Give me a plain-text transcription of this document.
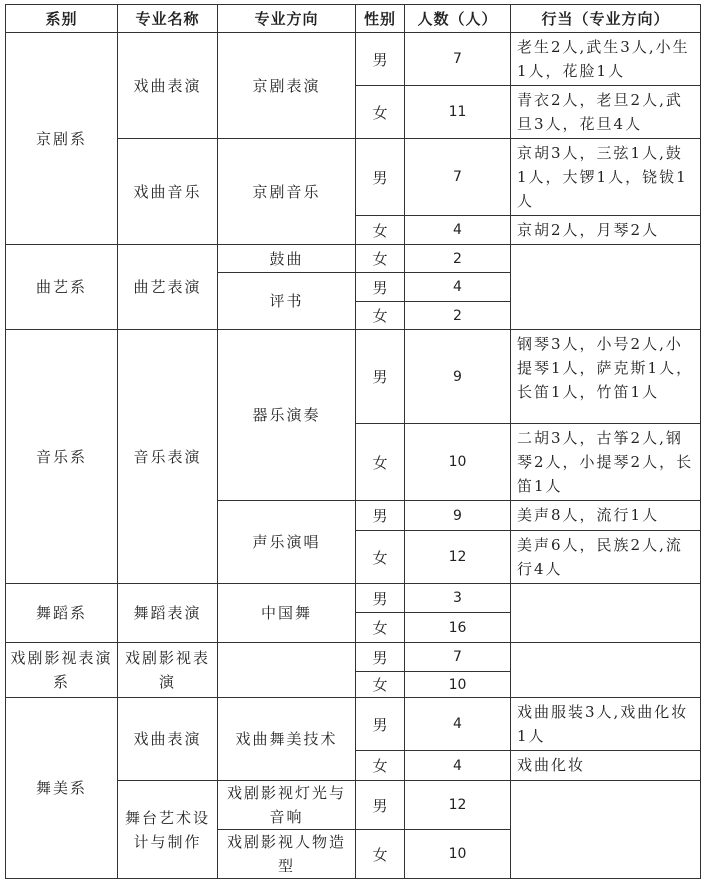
系别	专业名称	专业方向	性别	人数（人）	行当（专业方向）
京剧系	戏曲表演	京剧表演	男	7	老生2人,武生3人,小生1人，花脸1人
			女	11	青衣2人，老旦2人,武旦3人，花旦4人
	戏曲音乐	京剧音乐	男	7	京胡3人，三弦1人,鼓1人，大锣1人，铙钹1人
			女	4	京胡2人，月琴2人
曲艺系	曲艺表演	鼓曲	女	2	
		评书	男	4	
			女	2	
音乐系	音乐表演	器乐演奏	男	9	钢琴3人，小号2人,小提琴1人，萨克斯1人，长笛1人，竹笛1人
			女	10	二胡3人，古筝2人,钢琴2人，小提琴2人，长笛1人
		声乐演唱	男	9	美声8人，流行1人
			女	12	美声6人，民族2人,流行4人
舞蹈系	舞蹈表演	中国舞	男	3	
			女	16	
戏剧影视表演系	戏剧影视表演		男	7	
			女	10	
舞美系	戏曲表演	戏曲舞美技术	男	4	戏曲服装3人,戏曲化妆1人
			女	4	戏曲化妆
	舞台艺术设计与制作	戏剧影视灯光与音响	男	12	
		戏剧影视人物造型	女	10	
